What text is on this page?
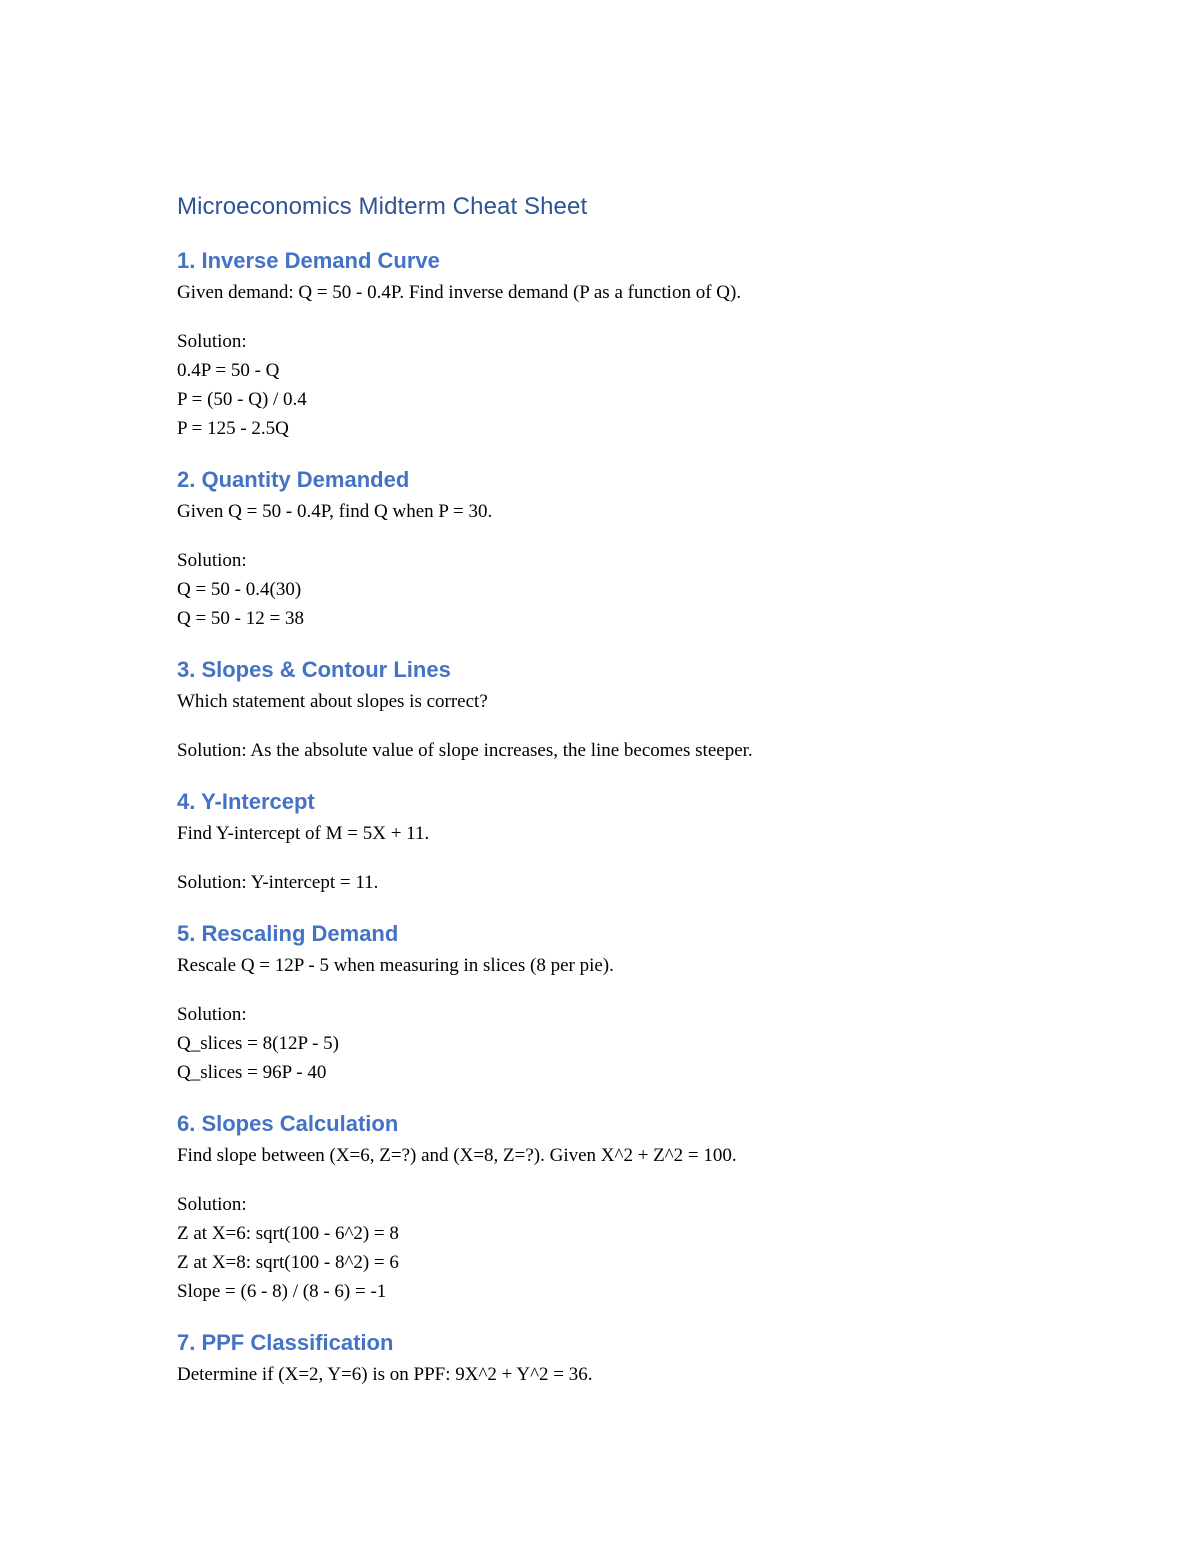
Microeconomics Midterm Cheat Sheet
1. Inverse Demand Curve

Given demand: Q = 50 - 0.4P. Find inverse demand (P as a function of Q).

Solution:

0.4P = 50 - Q

P = (50 - Q) / 0.4

P = 125 - 2.5Q

2. Quantity Demanded

Given Q = 50 - 0.4P, find Q when P = 30.

Solution:

Q = 50 - 0.4(30)

Q = 50 - 12 = 38

3. Slopes & Contour Lines

Which statement about slopes is correct?

Solution: As the absolute value of slope increases, the line becomes steeper.

4. Y-Intercept

Find Y-intercept of M = 5X + 11.

Solution: Y-intercept = 11.

5. Rescaling Demand

Rescale Q = 12P - 5 when measuring in slices (8 per pie).

Solution:

Q_slices = 8(12P - 5)

Q_slices = 96P - 40

6. Slopes Calculation

Find slope between (X=6, Z=?) and (X=8, Z=?). Given X^2 + Z^2 = 100.

Solution:

Z at X=6: sqrt(100 - 6^2) = 8

Z at X=8: sqrt(100 - 8^2) = 6

Slope = (6 - 8) / (8 - 6) = -1

7. PPF Classification

Determine if (X=2, Y=6) is on PPF: 9X^2 + Y^2 = 36.
